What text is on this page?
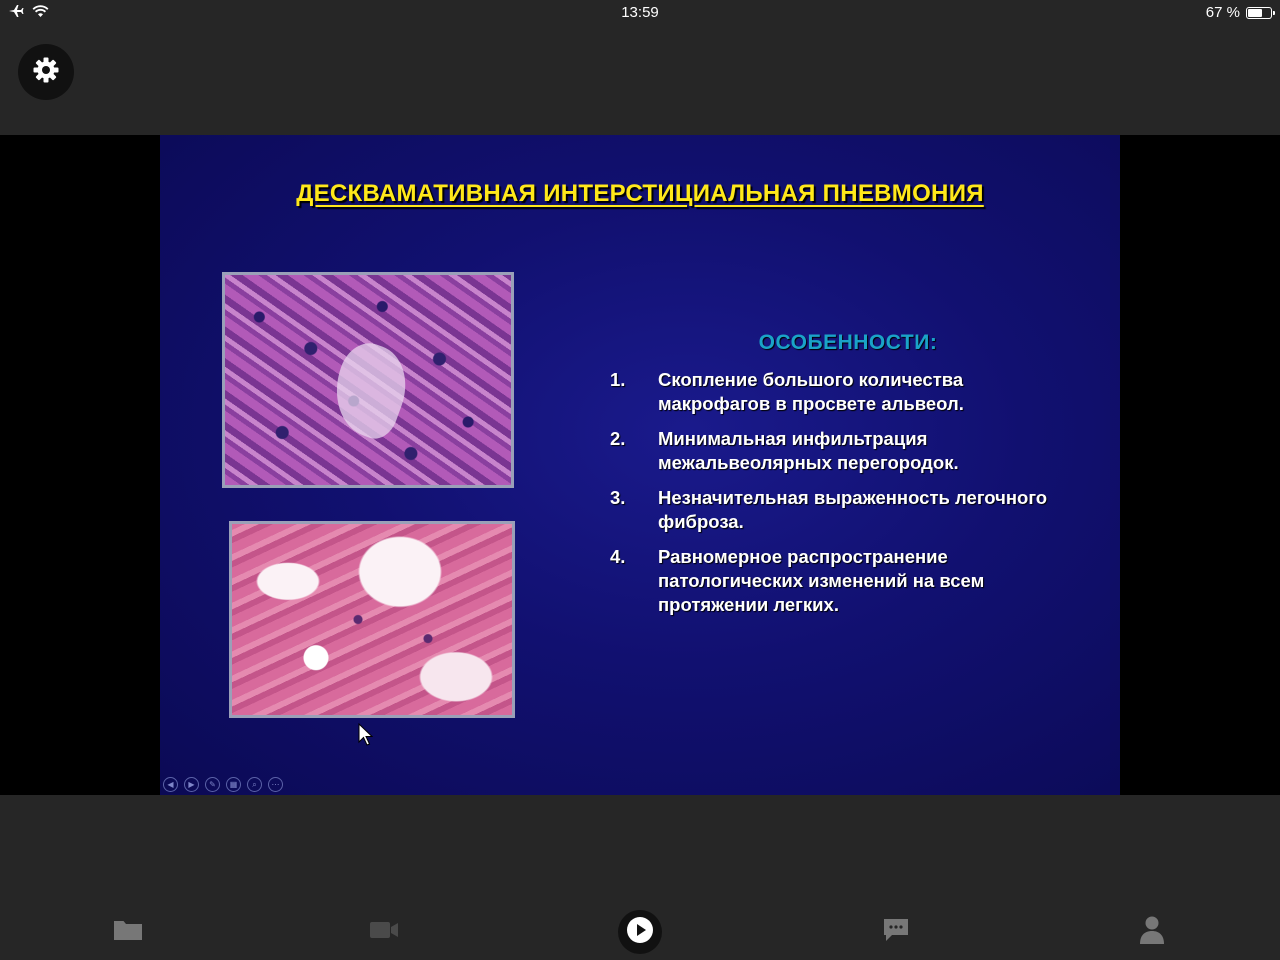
13:59	67 %
ДЕСКВАМАТИВНАЯ ИНТЕРСТИЦИАЛЬНАЯ ПНЕВМОНИЯ
ОСОБЕННОСТИ:
1. Скопление большого количества макрофагов в просвете альвеол.
2. Минимальная инфильтрация межальвеолярных перегородок.
3. Незначительная выраженность легочного фиброза.
4. Равномерное распространение патологических изменений на всем протяжении легких.
◀	▶	✎	▦	⌕	⋯
